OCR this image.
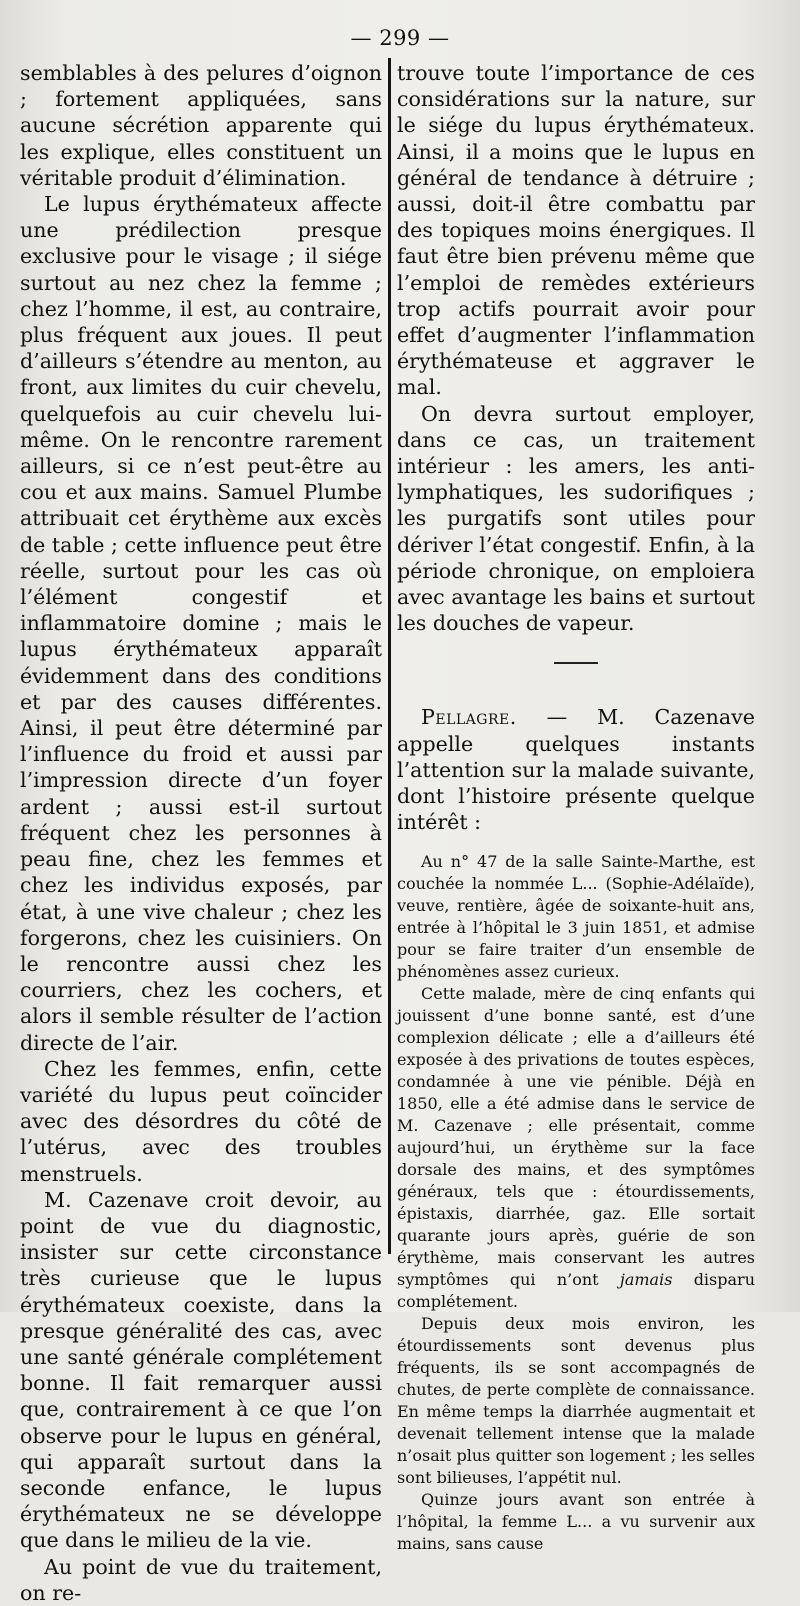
— 299 —

semblables à des pelures d’oignon ; fortement appliquées, sans aucune sécrétion apparente qui les explique, elles constituent un véritable produit d’élimination.

Le lupus érythémateux affecte une prédilection presque exclusive pour le visage ; il siége surtout au nez chez la femme ; chez l’homme, il est, au contraire, plus fréquent aux joues. Il peut d’ailleurs s’étendre au menton, au front, aux limites du cuir chevelu, quelquefois au cuir chevelu lui-même. On le rencontre rarement ailleurs, si ce n’est peut-être au cou et aux mains. Samuel Plumbe attribuait cet érythème aux excès de table ; cette influence peut être réelle, surtout pour les cas où l’élément congestif et inflammatoire domine ; mais le lupus érythémateux apparaît évidemment dans des conditions et par des causes différentes. Ainsi, il peut être déterminé par l’influence du froid et aussi par l’impression directe d’un foyer ardent ; aussi est-il surtout fréquent chez les personnes à peau fine, chez les femmes et chez les individus exposés, par état, à une vive chaleur ; chez les forgerons, chez les cuisiniers. On le rencontre aussi chez les courriers, chez les cochers, et alors il semble résulter de l’action directe de l’air.

Chez les femmes, enfin, cette variété du lupus peut coïncider avec des désordres du côté de l’utérus, avec des troubles menstruels.

M. Cazenave croit devoir, au point de vue du diagnostic, insister sur cette circonstance très curieuse que le lupus érythémateux coexiste, dans la presque généralité des cas, avec une santé générale complétement bonne. Il fait remarquer aussi que, contrairement à ce que l’on observe pour le lupus en général, qui apparaît surtout dans la seconde enfance, le lupus érythémateux ne se développe que dans le milieu de la vie.

Au point de vue du traitement, on re-

trouve toute l’importance de ces considérations sur la nature, sur le siége du lupus érythémateux. Ainsi, il a moins que le lupus en général de tendance à détruire ; aussi, doit-il être combattu par des topiques moins énergiques. Il faut être bien prévenu même que l’emploi de remèdes extérieurs trop actifs pourrait avoir pour effet d’augmenter l’inflammation érythémateuse et aggraver le mal.

On devra surtout employer, dans ce cas, un traitement intérieur : les amers, les anti-lymphatiques, les sudorifiques ; les purgatifs sont utiles pour dériver l’état congestif. Enfin, à la période chronique, on emploiera avec avantage les bains et surtout les douches de vapeur.

Pellagre. — M. Cazenave appelle quelques instants l’attention sur la malade suivante, dont l’histoire présente quelque intérêt :

Au n° 47 de la salle Sainte-Marthe, est couchée la nommée L... (Sophie-Adélaïde), veuve, rentière, âgée de soixante-huit ans, entrée à l’hôpital le 3 juin 1851, et admise pour se faire traiter d’un ensemble de phénomènes assez curieux.

Cette malade, mère de cinq enfants qui jouissent d’une bonne santé, est d’une complexion délicate ; elle a d’ailleurs été exposée à des privations de toutes espèces, condamnée à une vie pénible. Déjà en 1850, elle a été admise dans le service de M. Cazenave ; elle présentait, comme aujourd’hui, un érythème sur la face dorsale des mains, et des symptômes généraux, tels que : étourdissements, épistaxis, diarrhée, gaz. Elle sortait quarante jours après, guérie de son érythème, mais conservant les autres symptômes qui n’ont jamais disparu complétement.

Depuis deux mois environ, les étourdissements sont devenus plus fréquents, ils se sont accompagnés de chutes, de perte complète de connaissance. En même temps la diarrhée augmentait et devenait tellement intense que la malade n’osait plus quitter son logement ; les selles sont bilieuses, l’appétit nul.

Quinze jours avant son entrée à l’hôpital, la femme L... a vu survenir aux mains, sans cause
